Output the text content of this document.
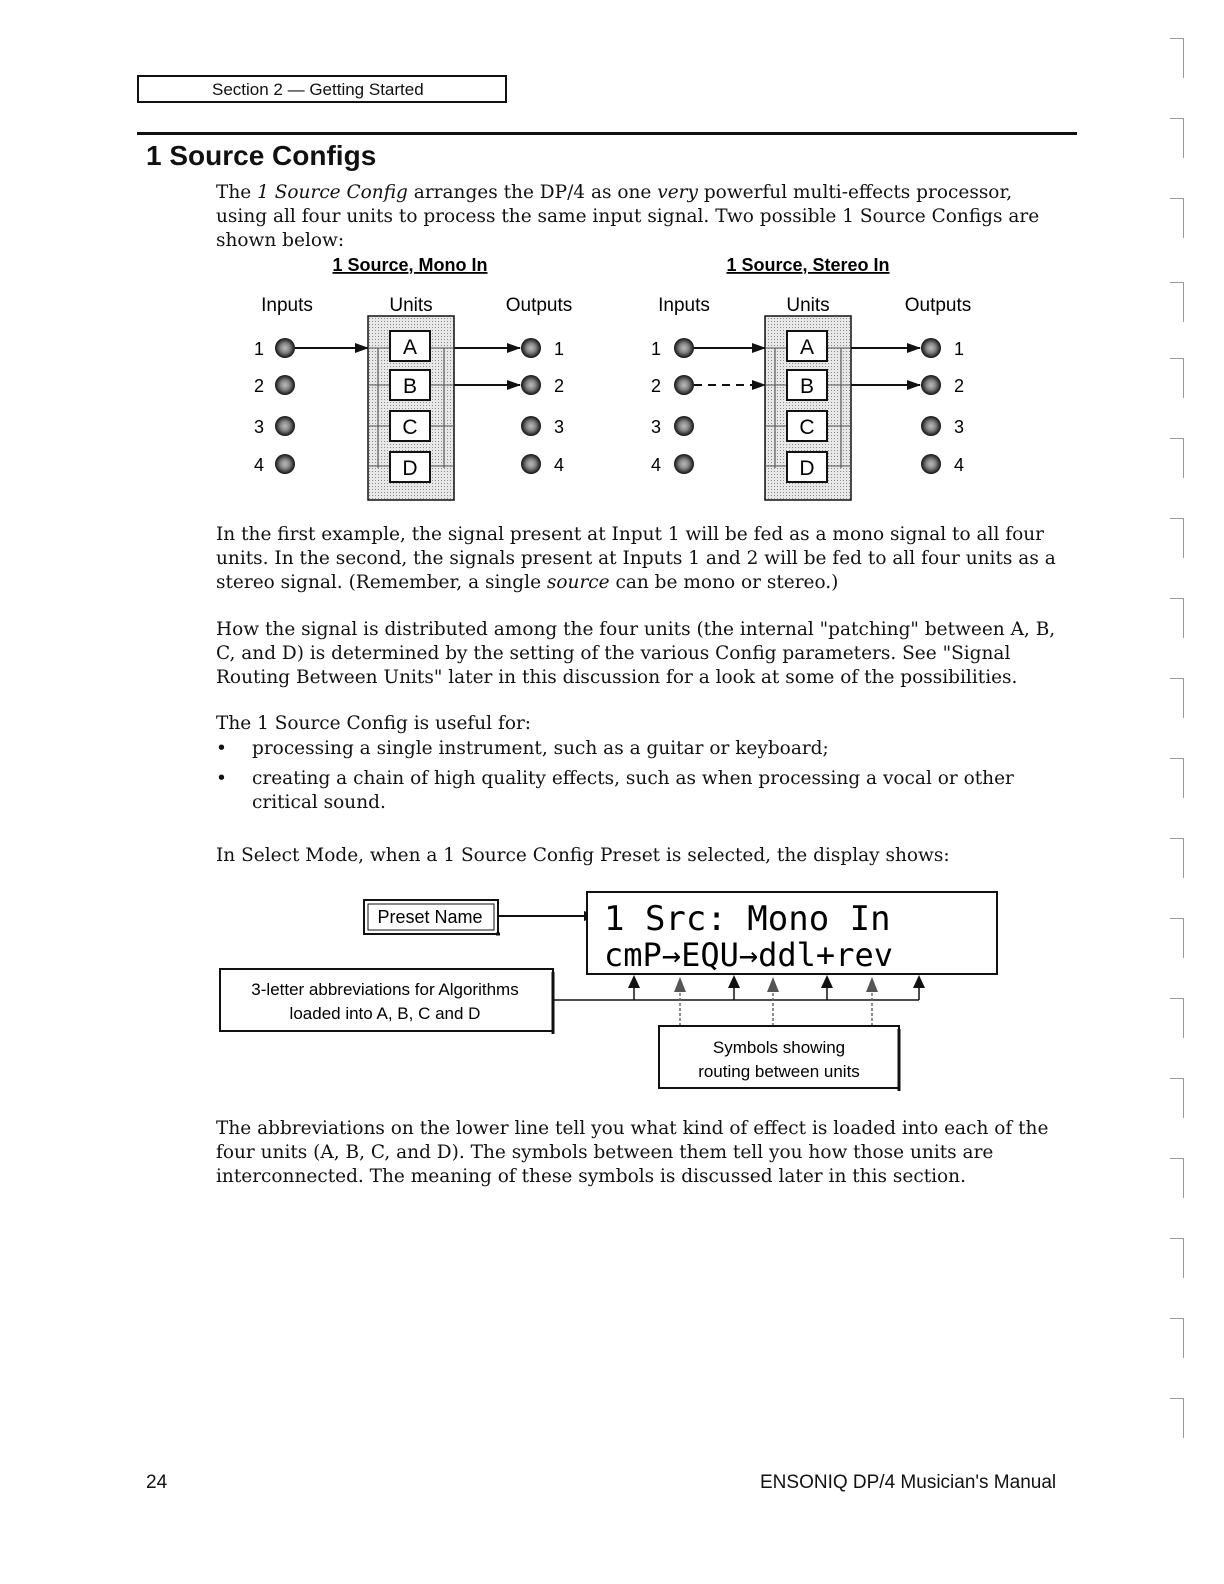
Section 2 — Getting Started
1 Source Configs

The 1 Source Config arranges the DP/4 as one very powerful multi-effects processor, using all four units to process the same input signal. Two possible 1 Source Configs are shown below:

1 Source, Mono In
Inputs	Units	Outputs
1
2
3
4
A
B
C
D
1
2
3
4
1 Source, Stereo In
Inputs	Units	Outputs
1
2
3
4
A
B
C
D
1
2
3
4
Preset Name	1 Src: Mono In
cmP→EQU→ddl+rev
3-letter abbreviations for Algorithms
loaded into A, B, C and D
Symbols showing
routing between units

In the first example, the signal present at Input 1 will be fed as a mono signal to all four units. In the second, the signals present at Inputs 1 and 2 will be fed to all four units as a stereo signal. (Remember, a single source can be mono or stereo.)

How the signal is distributed among the four units (the internal "patching" between A, B, C, and D) is determined by the setting of the various Config parameters. See "Signal Routing Between Units" later in this discussion for a look at some of the possibilities.

The 1 Source Config is useful for:

• processing a single instrument, such as a guitar or keyboard;
• creating a chain of high quality effects, such as when processing a vocal or other critical sound.

In Select Mode, when a 1 Source Config Preset is selected, the display shows:

The abbreviations on the lower line tell you what kind of effect is loaded into each of the four units (A, B, C, and D). The symbols between them tell you how those units are interconnected. The meaning of these symbols is discussed later in this section.

24	ENSONIQ DP/4 Musician's Manual
